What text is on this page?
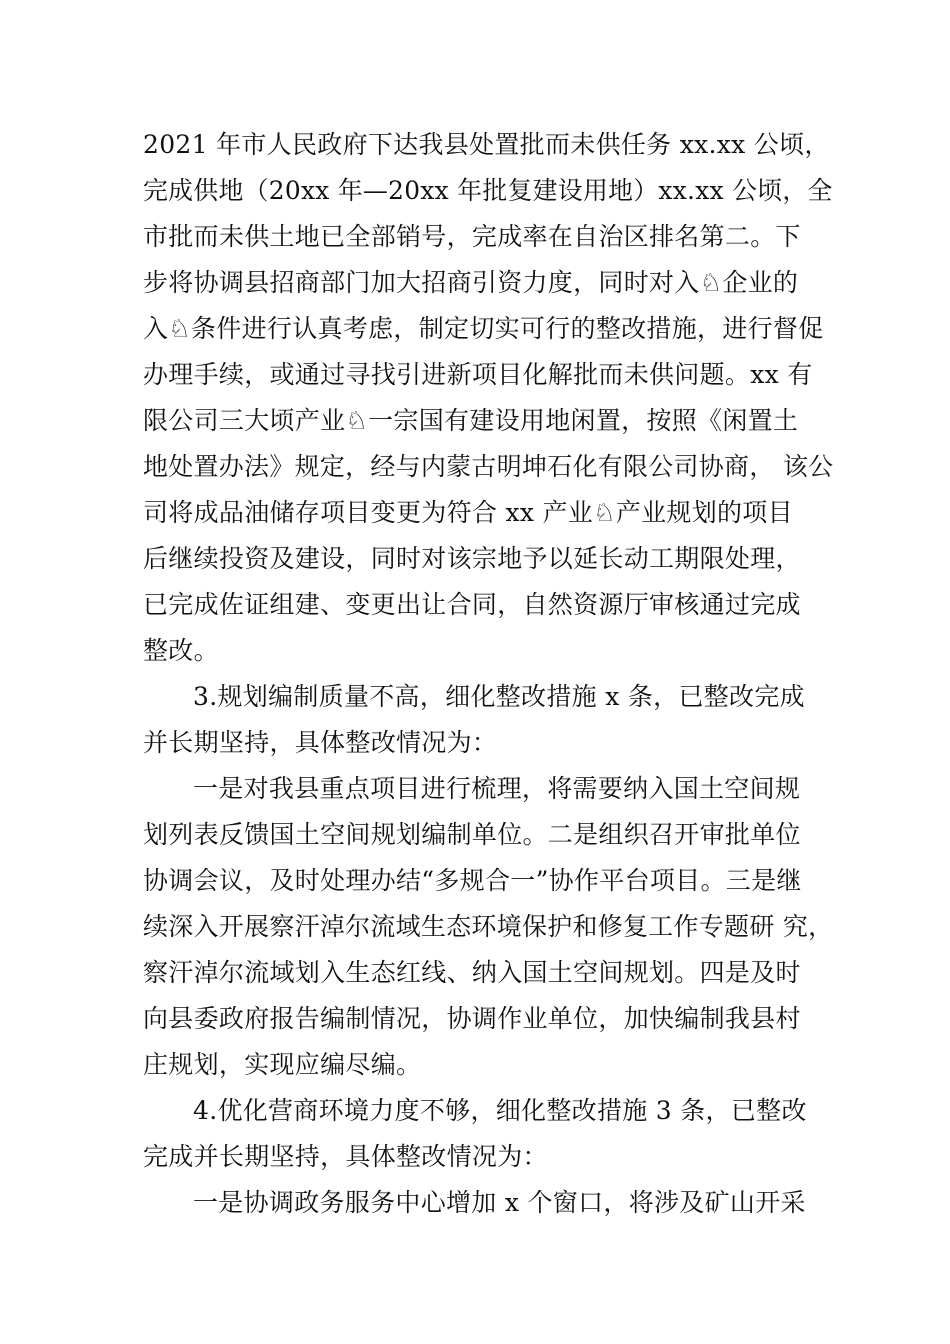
2021 年市人民政府下达我县处置批而未供任务 xx.xx 公顷，
完成供地（20xx 年—20xx 年批复建设用地）xx.xx 公顷，全
市批而未供土地已全部销号，完成率在自治区排名第二。下
步将协调县招商部门加大招商引资力度，同时对入♘企业的
入♘条件进行认真考虑，制定切实可行的整改措施，进行督促
办理手续，或通过寻找引进新项目化解批而未供问题。xx 有
限公司三大顷产业♘一宗国有建设用地闲置，按照《闲置土
地处置办法》规定，经与内蒙古明坤石化有限公司协商， 该公
司将成品油储存项目变更为符合 xx 产业♘产业规划的项目
后继续投资及建设，同时对该宗地予以延长动工期限处理，
已完成佐证组建、变更出让合同，自然资源厅审核通过完成
整改。
3.规划编制质量不高，细化整改措施 x 条，已整改完成
并长期坚持，具体整改情况为：
一是对我县重点项目进行梳理，将需要纳入国土空间规
划列表反馈国土空间规划编制单位。二是组织召开审批单位
协调会议，及时处理办结“多规合一”协作平台项目。三是继
续深入开展察汗淖尔流域生态环境保护和修复工作专题研 究，
察汗淖尔流域划入生态红线、纳入国土空间规划。四是及时
向县委政府报告编制情况，协调作业单位，加快编制我县村
庄规划，实现应编尽编。
4.优化营商环境力度不够，细化整改措施 3 条，已整改
完成并长期坚持，具体整改情况为：
一是协调政务服务中心增加 x 个窗口，将涉及矿山开采
